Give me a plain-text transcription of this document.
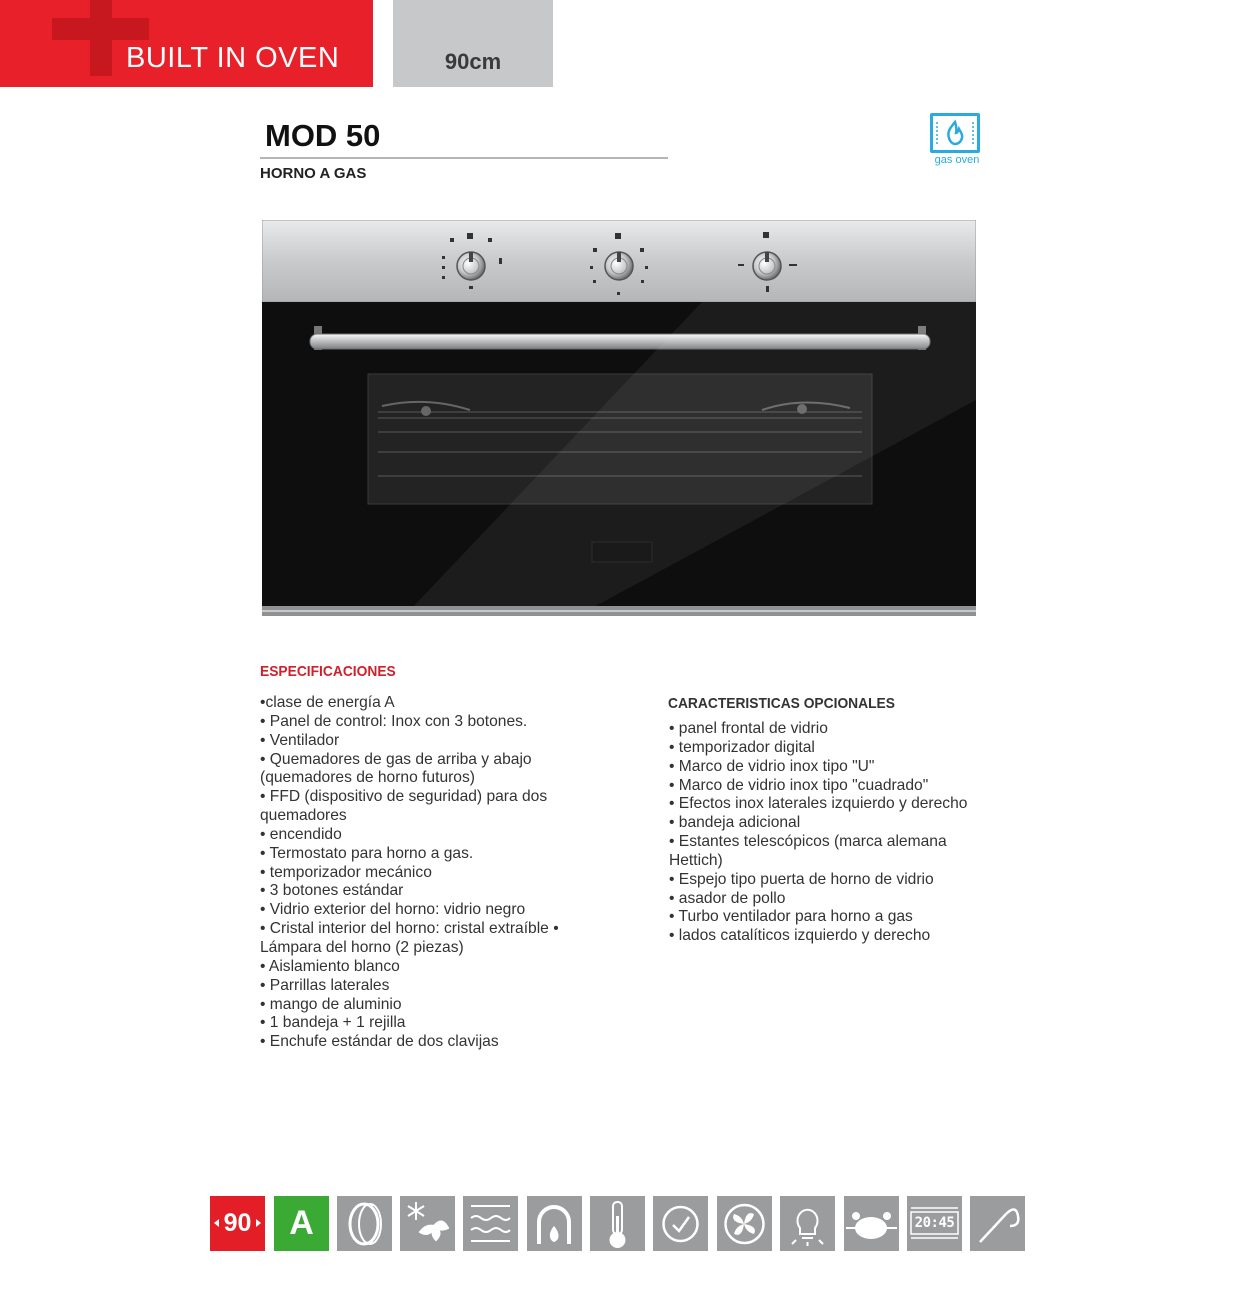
BUILT IN OVEN	90cm
MOD 50
HORNO A GAS
gas oven
ESPECIFICACIONES
•clase de energía A
• Panel de control: Inox con 3 botones.
• Ventilador
• Quemadores de gas de arriba y abajo (quemadores de horno futuros)
• FFD (dispositivo de seguridad) para dos quemadores
• encendido
• Termostato para horno a gas.
• temporizador mecánico
• 3 botones estándar
• Vidrio exterior del horno: vidrio negro
• Cristal interior del horno: cristal extraíble • Lámpara del horno (2 piezas)
• Aislamiento blanco
• Parrillas laterales
• mango de aluminio
• 1 bandeja + 1 rejilla
• Enchufe estándar de dos clavijas
CARACTERISTICAS OPCIONALES
• panel frontal de vidrio
• temporizador digital
• Marco de vidrio inox tipo "U"
• Marco de vidrio inox tipo "cuadrado"
• Efectos inox laterales izquierdo y derecho
• bandeja adicional
• Estantes telescópicos (marca alemana Hettich)
• Espejo tipo puerta de horno de vidrio
• asador de pollo
• Turbo ventilador para horno a gas
• lados catalíticos izquierdo y derecho
90	A	20:45
